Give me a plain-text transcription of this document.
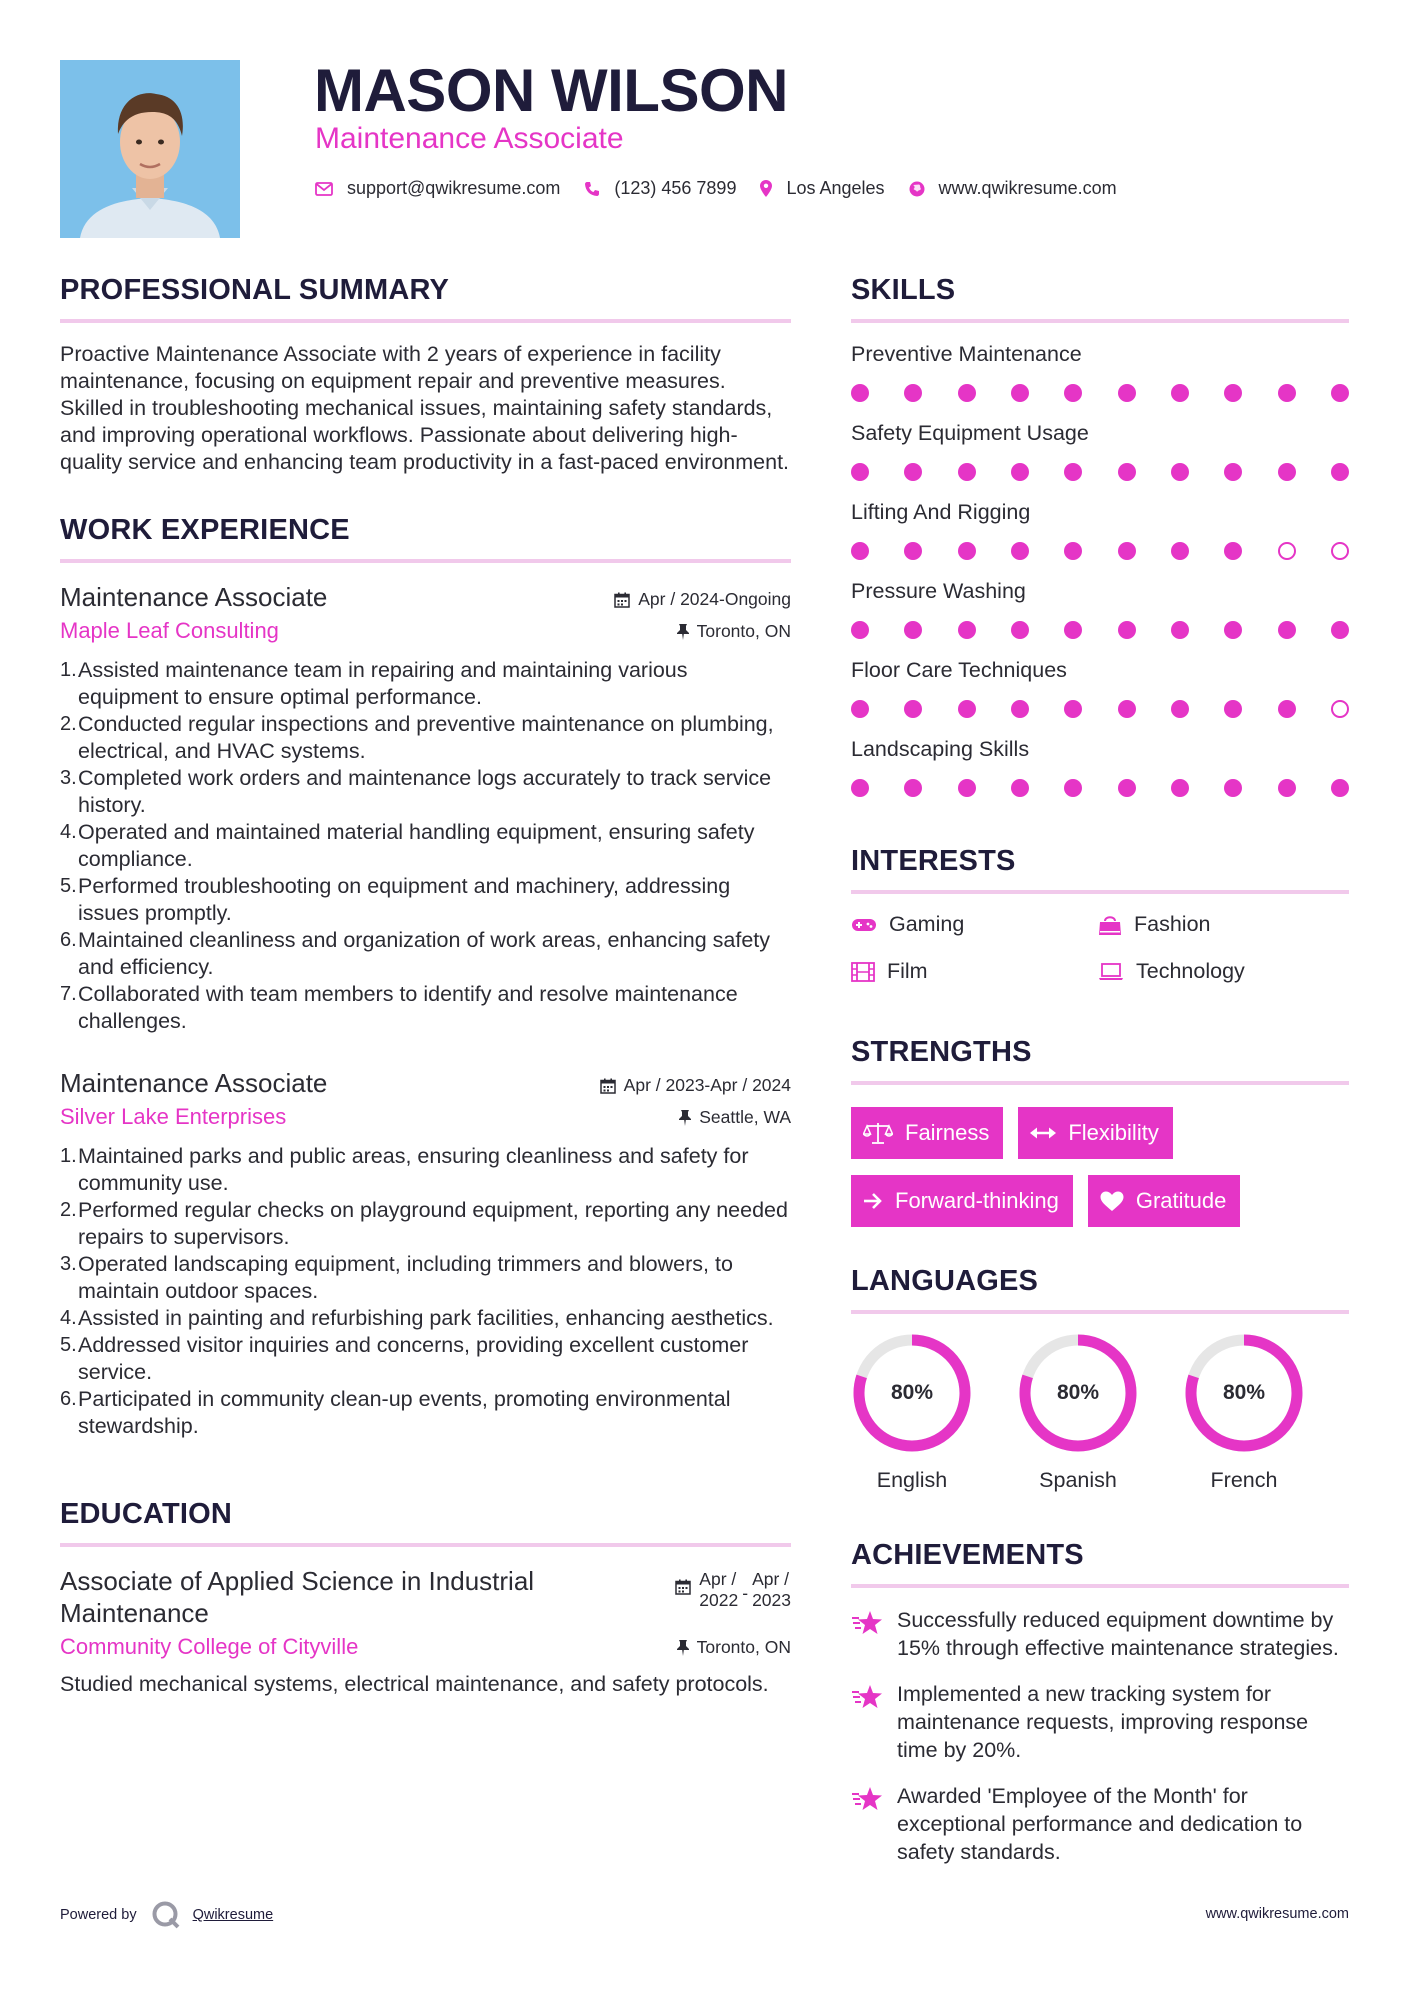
MASON WILSON
Maintenance Associate
support@qwikresume.com	(123) 456 7899	Los Angeles	www.qwikresume.com
PROFESSIONAL SUMMARY
Proactive Maintenance Associate with 2 years of experience in facility maintenance, focusing on equipment repair and preventive measures. Skilled in troubleshooting mechanical issues, maintaining safety standards, and improving operational workflows. Passionate about delivering high-quality service and enhancing team productivity in a fast-paced environment.
WORK EXPERIENCE
Maintenance Associate	Apr / 2024-Ongoing
Maple Leaf Consulting	Toronto, ON
1. Assisted maintenance team in repairing and maintaining various equipment to ensure optimal performance.
2. Conducted regular inspections and preventive maintenance on plumbing, electrical, and HVAC systems.
3. Completed work orders and maintenance logs accurately to track service history.
4. Operated and maintained material handling equipment, ensuring safety compliance.
5. Performed troubleshooting on equipment and machinery, addressing issues promptly.
6. Maintained cleanliness and organization of work areas, enhancing safety and efficiency.
7. Collaborated with team members to identify and resolve maintenance challenges.
Maintenance Associate	Apr / 2023-Apr / 2024
Silver Lake Enterprises	Seattle, WA
1. Maintained parks and public areas, ensuring cleanliness and safety for community use.
2. Performed regular checks on playground equipment, reporting any needed repairs to supervisors.
3. Operated landscaping equipment, including trimmers and blowers, to maintain outdoor spaces.
4. Assisted in painting and refurbishing park facilities, enhancing aesthetics.
5. Addressed visitor inquiries and concerns, providing excellent customer service.
6. Participated in community clean-up events, promoting environmental stewardship.
EDUCATION
Associate of Applied Science in Industrial Maintenance
Apr /
2022 -
Apr /
2023
Community College of Cityville	Toronto, ON
Studied mechanical systems, electrical maintenance, and safety protocols.
SKILLS
Preventive Maintenance
Safety Equipment Usage
Lifting And Rigging
Pressure Washing
Floor Care Techniques
Landscaping Skills
INTERESTS
Gaming	Fashion
Film	Technology
STRENGTHS
Fairness	Flexibility
Forward-thinking	Gratitude
LANGUAGES
80%
English
80%
Spanish
80%
French
ACHIEVEMENTS
Successfully reduced equipment downtime by 15% through effective maintenance strategies.
Implemented a new tracking system for maintenance requests, improving response time by 20%.
Awarded 'Employee of the Month' for exceptional performance and dedication to safety standards.
Powered by	Qwikresume	www.qwikresume.com
